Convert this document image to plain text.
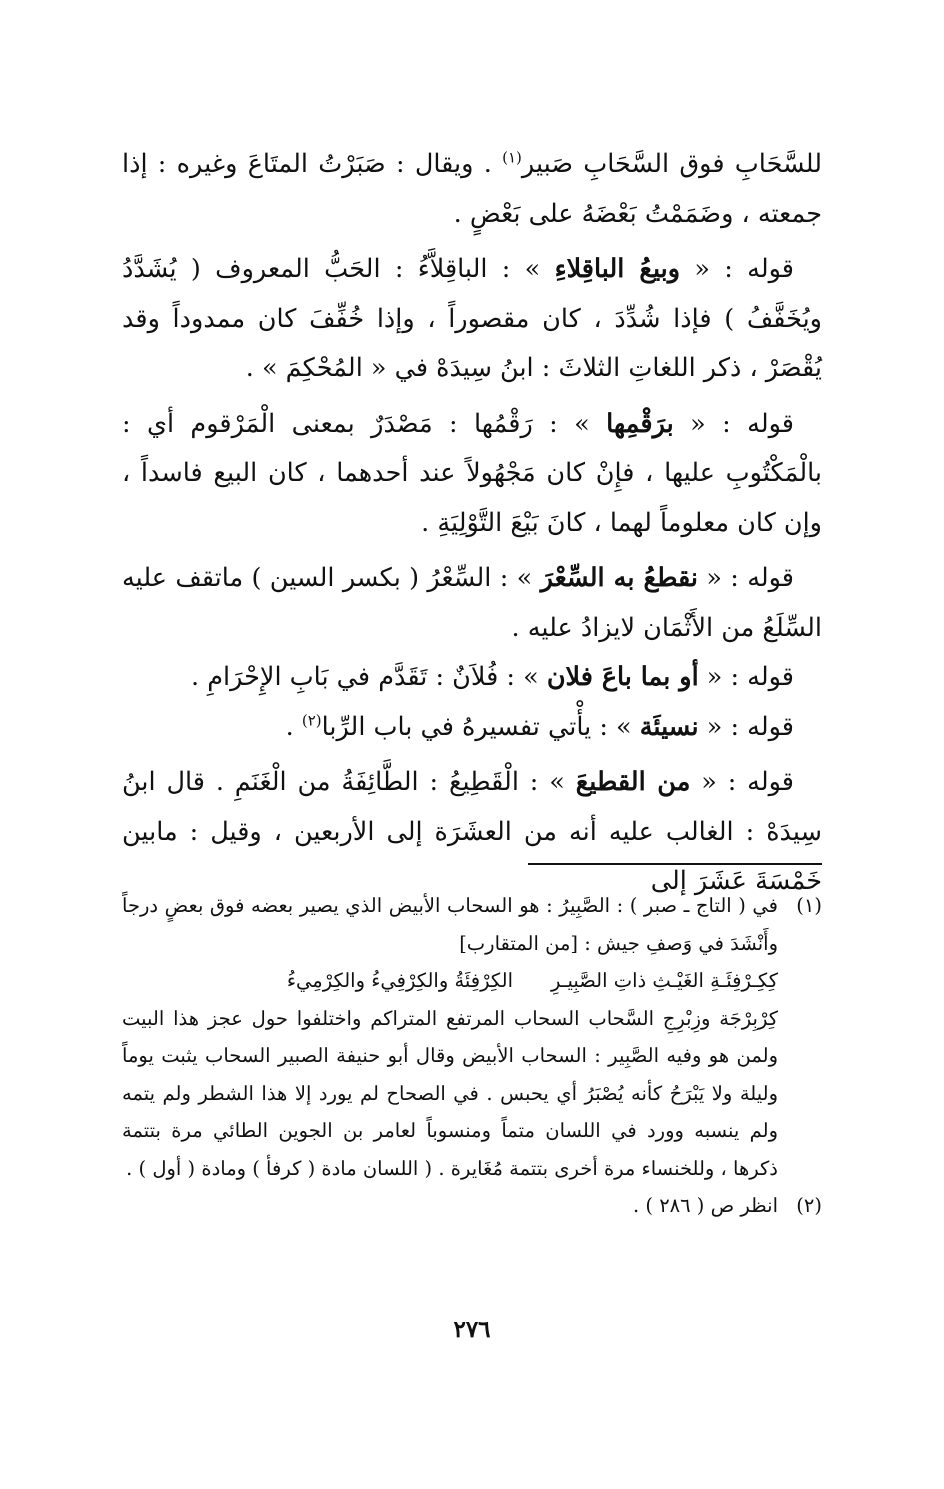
للسَّحَابِ فوق السَّحَابِ صَبير$^{(١)}$ . ويقال : صَبَرْتُ المتَاعَ وغيره : إذا جمعته ، وضَمَمْتُ بَعْضَهُ على بَعْضٍ .

قوله : « وبيعُ الباقِلاءِ » : الباقِلاَّءُ : الحَبُّ المعروف ( يُشَدَّدُ ويُخَفَّفُ ) فإذا شُدِّدَ ، كان مقصوراً ، وإذا خُفِّفَ كان ممدوداً وقد يُقْصَرْ ، ذكر اللغاتِ الثلاثَ : ابنُ سِيدَهْ في « المُحْكِمَ » .

قوله : « برَقْمِها » : رَقْمُها : مَصْدَرٌ بمعنى الْمَرْقوم أي : بالْمَكْتُوبِ عليها ، فإِنْ كان مَجْهُولاً عند أحدهما ، كان البيع فاسداً ، وإن كان معلوماً لهما ، كانَ بَيْعَ التَّوْلِيَةِ .

قوله : « نقطعُ به السِّعْرَ » : السِّعْرُ ( بكسر السين ) ماتقف عليه السِّلَعُ من الأَثْمَان لايزادُ عليه .

قوله : « أو بما باعَ فلان » : فُلاَنٌ : تَقَدَّم في بَابِ الإِحْرَامِ .

قوله : « نسيئَة » : يأْتي تفسيرهُ في باب الرِّبا$^{(٢)}$ .

قوله : « من القطيعَ » : الْقَطِيعُ : الطَّائِفَةُ من الْغَنَمِ . قال ابنُ سِيدَهْ : الغالب عليه أنه من العشَرَة إلى الأربعين ، وقيل : مابين خَمْسَةَ عَشَرَ إلى

(١)

في ( التاج ـ صبر ) : الصَّبِيرُ : هو السحاب الأبيض الذي يصير بعضه فوق بعضٍ درجاً وأَنْشَدَ في وَصفِ جيش : [من المتقارب]

كِكِـرْفِئَـةِ الغَيْـثِ ذاتِ الصَّبِيـرِ
الكِرْفِئَةُ والكِرْفِيءُ والكِرْمِيءُ

كِرْبِرْجَة وزِبْرِجِ السَّحاب السحاب المرتفع المتراكم واختلفوا حول عجز هذا البيت ولمن هو وفيه الصَّبِير : السحاب الأبيض وقال أبو حنيفة الصبير السحاب يثبت يوماً وليلة ولا يَبْرَحُ كأنه يُصْبَرُ أي يحبس . في الصحاح لم يورد إلا هذا الشطر ولم يتمه ولم ينسبه وورد في اللسان متماً ومنسوباً لعامر بن الجوين الطائي مرة بتتمة ذكرها ، وللخنساء مرة أخرى بتتمة مُغَايرة . ( اللسان مادة ( كرفأ ) ومادة ( أول ) .

(٢)

انظر ص ( ٢٨٦ ) .

٢٧٦
